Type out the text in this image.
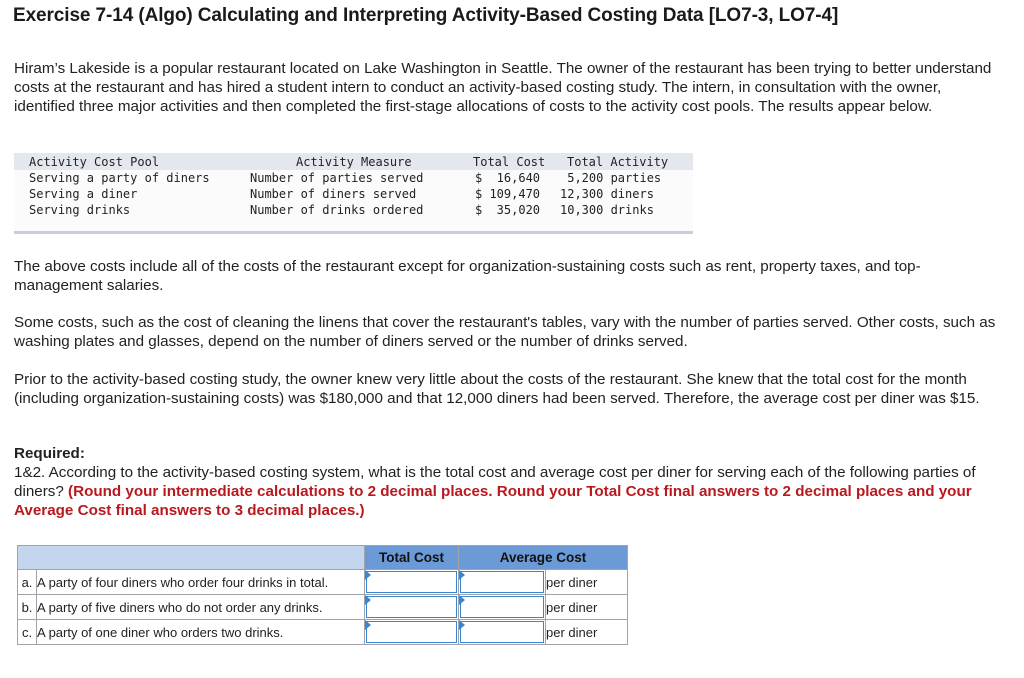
Exercise 7-14 (Algo) Calculating and Interpreting Activity-Based Costing Data [LO7-3, LO7-4]

Hiram’s Lakeside is a popular restaurant located on Lake Washington in Seattle. The owner of the restaurant has been trying to better understand costs at the restaurant and has hired a student intern to conduct an activity-based costing study. The intern, in consultation with the owner, identified three major activities and then completed the first-stage allocations of costs to the activity cost pools. The results appear below.

Activity Cost Pool	Activity Measure	Total Cost Total Activity
Serving a party of diners	Number of parties served	$  16,640 5,200 parties
Serving a diner	Number of diners served	$ 109,470 12,300 diners
Serving drinks	Number of drinks ordered	$  35,020 10,300 drinks

The above costs include all of the costs of the restaurant except for organization-sustaining costs such as rent, property taxes, and top-management salaries.

Some costs, such as the cost of cleaning the linens that cover the restaurant's tables, vary with the number of parties served. Other costs, such as washing plates and glasses, depend on the number of diners served or the number of drinks served.

Prior to the activity-based costing study, the owner knew very little about the costs of the restaurant. She knew that the total cost for the month (including organization-sustaining costs) was $180,000 and that 12,000 diners had been served. Therefore, the average cost per diner was $15.

Required:
1&2. According to the activity-based costing system, what is the total cost and average cost per diner for serving each of the following parties of diners? (Round your intermediate calculations to 2 decimal places. Round your Total Cost final answers to 2 decimal places and your Average Cost final answers to 3 decimal places.)
		Total Cost	Average Cost	
a.	A party of four diners who order four drinks in total.			per diner
b.	A party of five diners who do not order any drinks.			per diner
c.	A party of one diner who orders two drinks.			per diner
